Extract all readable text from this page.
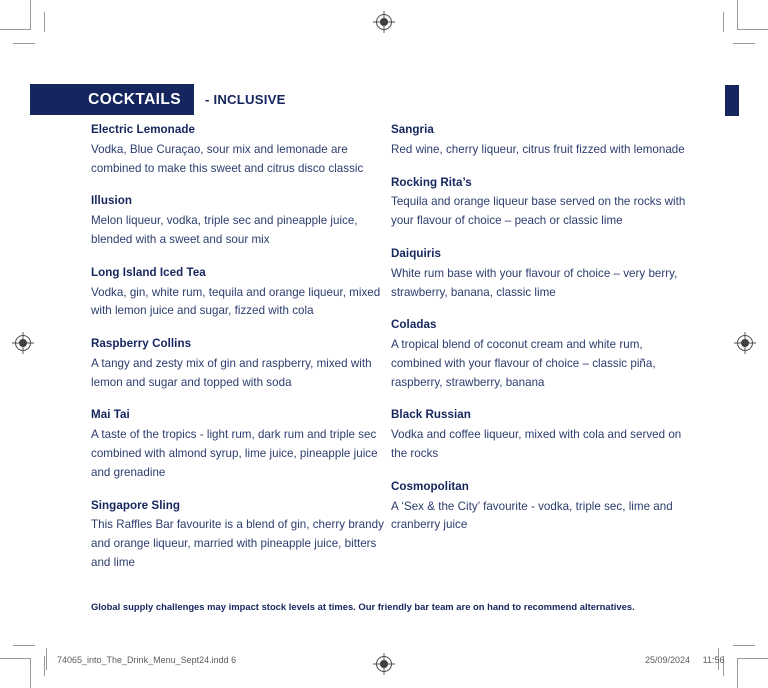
COCKTAILS - INCLUSIVE

Electric Lemonade

Vodka, Blue Curaçao, sour mix and lemonade are combined to make this sweet and citrus disco classic

Illusion

Melon liqueur, vodka, triple sec and pineapple juice, blended with a sweet and sour mix

Long Island Iced Tea

Vodka, gin, white rum, tequila and orange liqueur, mixed with lemon juice and sugar, fizzed with cola

Raspberry Collins

A tangy and zesty mix of gin and raspberry, mixed with lemon and sugar and topped with soda

Mai Tai

A taste of the tropics - light rum, dark rum and triple sec combined with almond syrup, lime juice, pineapple juice and grenadine

Singapore Sling

This Raffles Bar favourite is a blend of gin, cherry brandy and orange liqueur, married with pineapple juice, bitters and lime

Sangria

Red wine, cherry liqueur, citrus fruit fizzed with lemonade

Rocking Rita’s

Tequila and orange liqueur base served on the rocks with your flavour of choice – peach or classic lime

Daiquiris

White rum base with your flavour of choice – very berry, strawberry, banana, classic lime

Coladas

A tropical blend of coconut cream and white rum, combined with your flavour of choice – classic piña, raspberry, strawberry, banana

Black Russian

Vodka and coffee liqueur, mixed with cola and served on the rocks

Cosmopolitan

A ‘Sex & the City’ favourite - vodka, triple sec, lime and cranberry juice

Global supply challenges may impact stock levels at times. Our friendly bar team are on hand to recommend alternatives.
74065_into_The_Drink_Menu_Sept24.indd 6	25/09/2024 11:56
